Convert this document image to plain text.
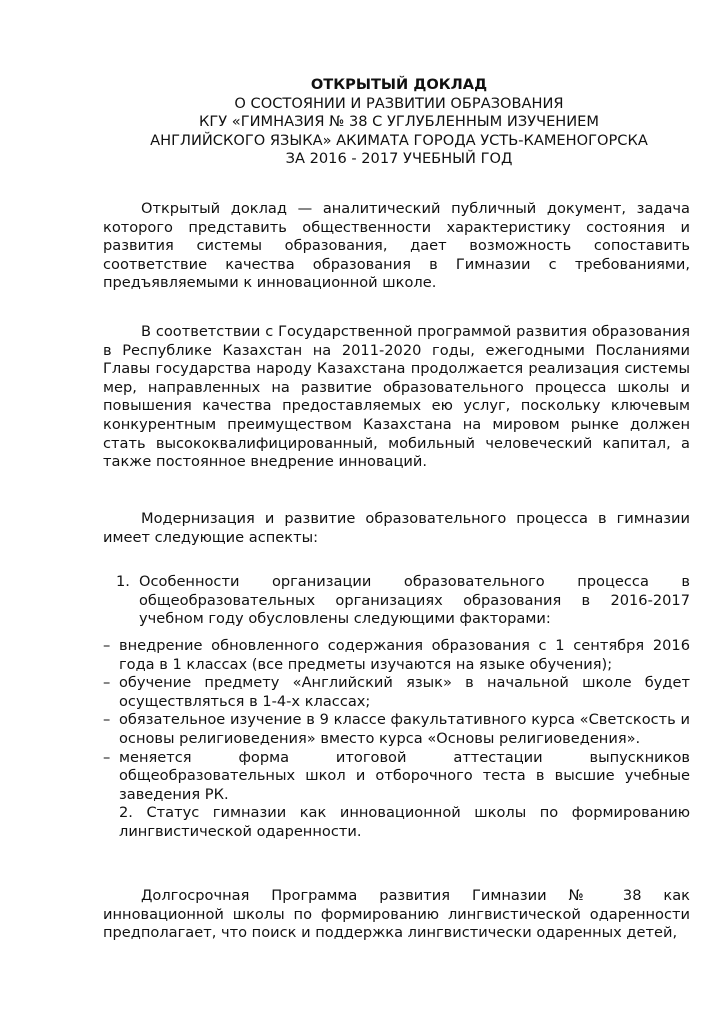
ОТКРЫТЫЙ ДОКЛАД
О СОСТОЯНИИ И РАЗВИТИИ ОБРАЗОВАНИЯ
КГУ «ГИМНАЗИЯ № 38 С УГЛУБЛЕННЫМ ИЗУЧЕНИЕМ
АНГЛИЙСКОГО ЯЗЫКА» АКИМАТА ГОРОДА УСТЬ-КАМЕНОГОРСКА
ЗА 2016 - 2017 УЧЕБНЫЙ ГОД
Открытый доклад — аналитический публичный документ, задача которого представить общественности характеристику состояния и развития системы образования, дает возможность сопоставить соответствие качества образования в Гимназии с требованиями, предъявляемыми к инновационной школе.
В соответствии с Государственной программой развития образования в Республике Казахстан на 2011-2020 годы, ежегодными Посланиями Главы государства народу Казахстана продолжается реализация системы мер, направленных на развитие образовательного процесса школы и повышения качества предоставляемых ею услуг, поскольку ключевым конкурентным преимуществом Казахстана на мировом рынке должен стать высококвалифицированный, мобильный человеческий капитал, а также постоянное внедрение инноваций.
Модернизация и развитие образовательного процесса в гимназии имеет следующие аспекты:
1. Особенности организации образовательного процесса в общеобразовательных организациях образования в 2016-2017 учебном году обусловлены следующими факторами:
– внедрение обновленного содержания образования с 1 сентября 2016 года в 1 классах (все предметы изучаются на языке обучения);
– обучение предмету «Английский язык» в начальной школе будет осуществляться в 1-4-х классах;
– обязательное изучение в 9 классе факультативного курса «Светскость и основы религиоведения» вместо курса «Основы религиоведения».
– меняется форма итоговой аттестации выпускников общеобразовательных школ и отборочного теста в высшие учебные заведения РК.
2. Статус гимназии как инновационной школы по формированию лингвистической одаренности.
Долгосрочная Программа развития Гимназии № 38 как инновационной школы по формированию лингвистической одаренности предполагает, что поиск и поддержка лингвистически одаренных детей,
